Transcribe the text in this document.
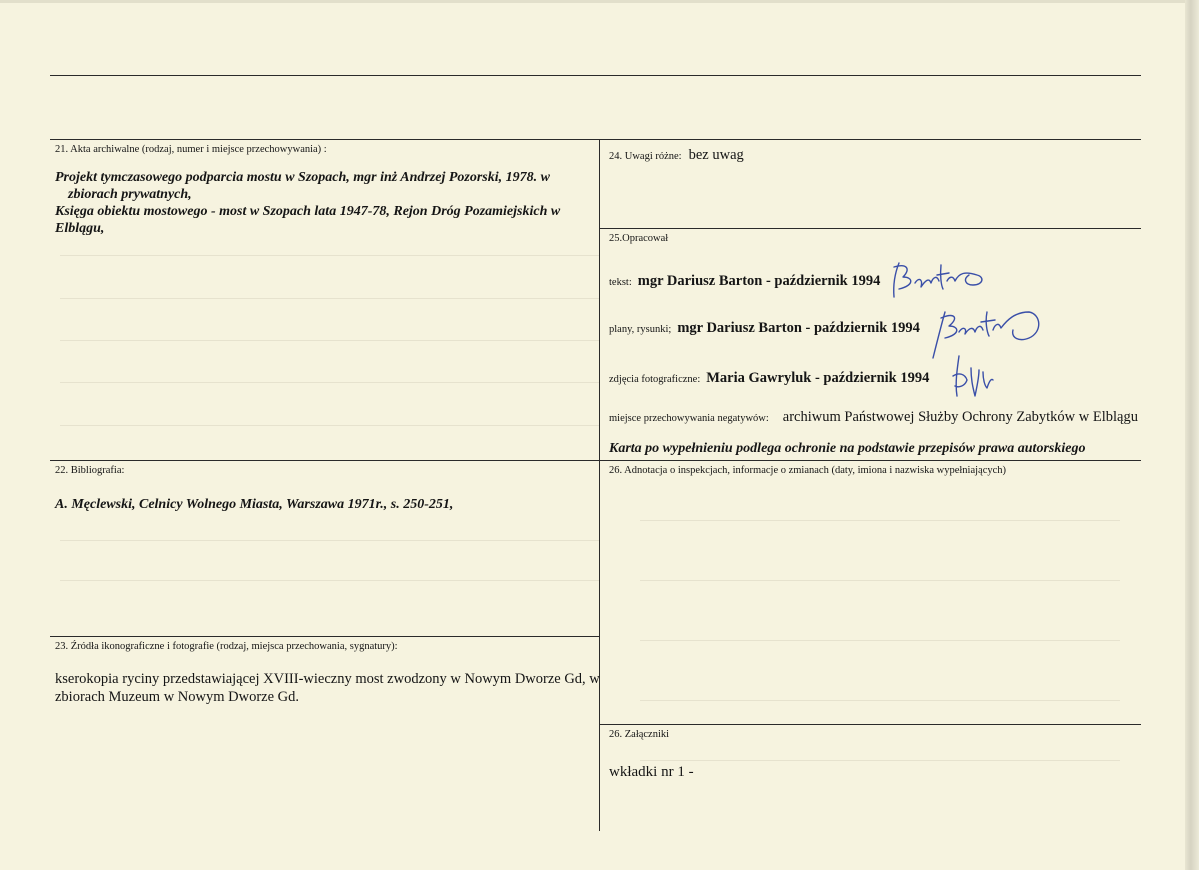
21. Akta archiwalne (rodzaj, numer i miejsce przechowywania) :
Projekt tymczasowego podparcia mostu w Szopach, mgr inż Andrzej Pozorski, 1978. w
zbiorach prywatnych,
Księga obiektu mostowego - most w Szopach lata 1947-78, Rejon Dróg Pozamiejskich w
Elblągu,
24. Uwagi różne: bez uwag
25.Opracował
tekst: mgr Dariusz Barton - październik 1994
plany, rysunki; mgr Dariusz Barton - październik 1994
zdjęcia fotograficzne: Maria Gawryluk - październik 1994
miejsce przechowywania negatywów: archiwum Państwowej Służby Ochrony Zabytków w Elblągu
Karta po wypełnieniu podlega ochronie na podstawie przepisów prawa autorskiego
22. Bibliografia:
A. Męclewski, Celnicy Wolnego Miasta, Warszawa 1971r., s. 250-251,
26. Adnotacja o inspekcjach, informacje o zmianach (daty, imiona i nazwiska wypełniających)
23. Źródła ikonograficzne i fotografie (rodzaj, miejsca przechowania, sygnatury):
kserokopia ryciny przedstawiającej XVIII-wieczny most zwodzony w Nowym Dworze Gd, w
zbiorach Muzeum w Nowym Dworze Gd.
26. Załączniki
wkładki nr 1 -
